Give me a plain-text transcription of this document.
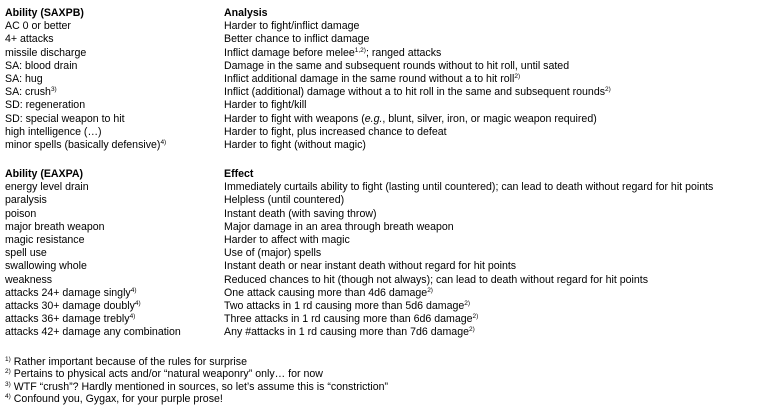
Ability (SAXPB)	Analysis
AC 0 or better	Harder to fight/inflict damage
4+ attacks	Better chance to inflict damage
missile discharge	Inflict damage before melee$^{1,2)}$; ranged attacks
SA: blood drain	Damage in the same and subsequent rounds without to hit roll, until sated
SA: hug	Inflict additional damage in the same round without a to hit roll$^{2)}$
SA: crush$^{3)}$	Inflict (additional) damage without a to hit roll in the same and subsequent rounds$^{2)}$
SD: regeneration	Harder to fight/kill
SD: special weapon to hit	Harder to fight with weapons (e.g., blunt, silver, iron, or magic weapon required)
high intelligence (…)	Harder to fight, plus increased chance to defeat
minor spells (basically defensive)$^{4)}$	Harder to fight (without magic)
Ability (EAXPA)	Effect
energy level drain	Immediately curtails ability to fight (lasting until countered); can lead to death without regard for hit points
paralysis	Helpless (until countered)
poison	Instant death (with saving throw)
major breath weapon	Major damage in an area through breath weapon
magic resistance	Harder to affect with magic
spell use	Use of (major) spells
swallowing whole	Instant death or near instant death without regard for hit points
weakness	Reduced chances to hit (though not always); can lead to death without regard for hit points
attacks 24+ damage singly$^{4)}$	One attack causing more than 4d6 damage$^{2)}$
attacks 30+ damage doubly$^{4)}$	Two attacks in 1 rd causing more than 5d6 damage$^{2)}$
attacks 36+ damage trebly$^{4)}$	Three attacks in 1 rd causing more than 6d6 damage$^{2)}$
attacks 42+ damage any combination	Any #attacks in 1 rd causing more than 7d6 damage$^{2)}$
$^{1)}$ Rather important because of the rules for surprise
$^{2)}$ Pertains to physical acts and/or “natural weaponry” only… for now
$^{3)}$ WTF “crush”? Hardly mentioned in sources, so let’s assume this is “constriction”
$^{4)}$ Confound you, Gygax, for your purple prose!
